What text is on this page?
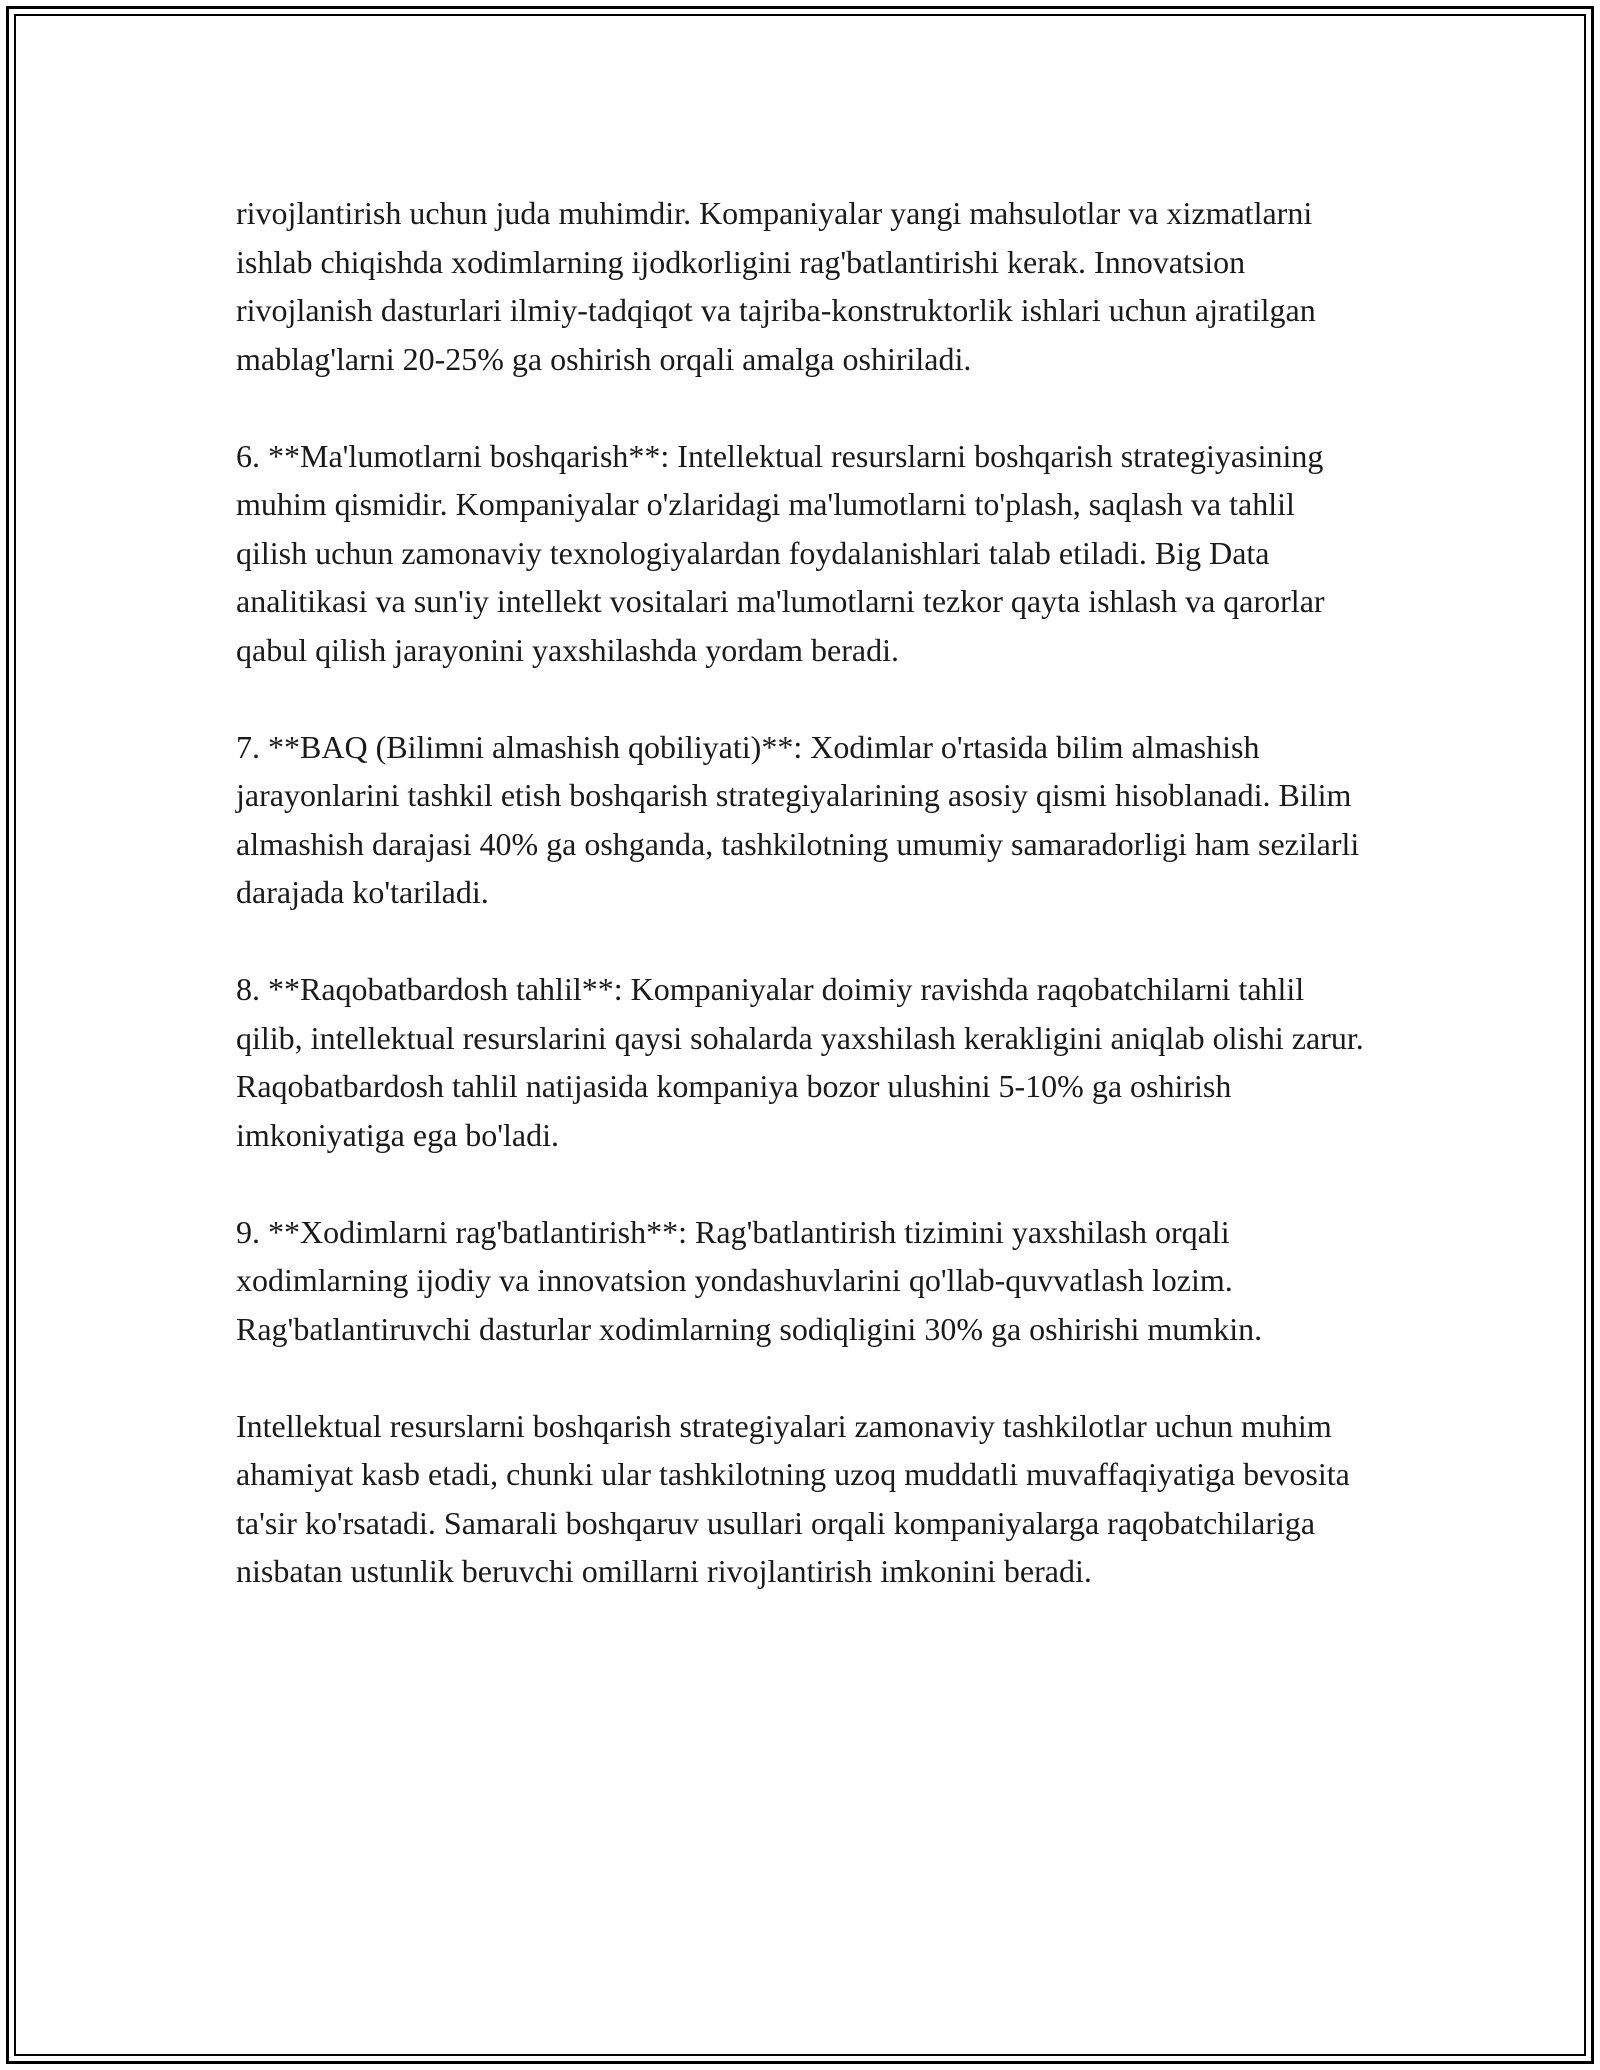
rivojlantirish uchun juda muhimdir. Kompaniyalar yangi mahsulotlar va xizmatlarni ishlab chiqishda xodimlarning ijodkorligini rag'batlantirishi kerak. Innovatsion rivojlanish dasturlari ilmiy-tadqiqot va tajriba-konstruktorlik ishlari uchun ajratilgan mablag'larni 20-25% ga oshirish orqali amalga oshiriladi.

6. **Ma'lumotlarni boshqarish**: Intellektual resurslarni boshqarish strategiyasining muhim qismidir. Kompaniyalar o'zlaridagi ma'lumotlarni to'plash, saqlash va tahlil qilish uchun zamonaviy texnologiyalardan foydalanishlari talab etiladi. Big Data analitikasi va sun'iy intellekt vositalari ma'lumotlarni tezkor qayta ishlash va qarorlar qabul qilish jarayonini yaxshilashda yordam beradi.

7. **BAQ (Bilimni almashish qobiliyati)**: Xodimlar o'rtasida bilim almashish jarayonlarini tashkil etish boshqarish strategiyalarining asosiy qismi hisoblanadi. Bilim almashish darajasi 40% ga oshganda, tashkilotning umumiy samaradorligi ham sezilarli darajada ko'tariladi.

8. **Raqobatbardosh tahlil**: Kompaniyalar doimiy ravishda raqobatchilarni tahlil qilib, intellektual resurslarini qaysi sohalarda yaxshilash kerakligini aniqlab olishi zarur. Raqobatbardosh tahlil natijasida kompaniya bozor ulushini 5-10% ga oshirish imkoniyatiga ega bo'ladi.

9. **Xodimlarni rag'batlantirish**: Rag'batlantirish tizimini yaxshilash orqali xodimlarning ijodiy va innovatsion yondashuvlarini qo'llab-quvvatlash lozim. Rag'batlantiruvchi dasturlar xodimlarning sodiqligini 30% ga oshirishi mumkin.

Intellektual resurslarni boshqarish strategiyalari zamonaviy tashkilotlar uchun muhim ahamiyat kasb etadi, chunki ular tashkilotning uzoq muddatli muvaffaqiyatiga bevosita ta'sir ko'rsatadi. Samarali boshqaruv usullari orqali kompaniyalarga raqobatchilariga nisbatan ustunlik beruvchi omillarni rivojlantirish imkonini beradi.
